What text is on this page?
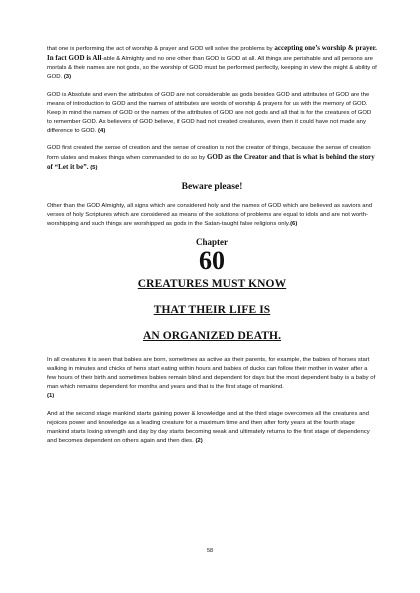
that one is performing the act of worship & prayer and GOD will solve the problems by accepting one’s worship & prayer. In fact GOD is All-able & Almighty and no one other than GOD is GOD at all. All things are perishable and all persons are mortals & their names are not gods, so the worship of GOD must be performed perfectly, keeping in view the might & ability of GOD. (3)

GOD is Absolute and even the attributes of GOD are not considerable as gods besides GOD and attributes of GOD are the means of introduction to GOD and the names of attributes are words of worship & prayers for us with the memory of GOD. Keep in mind the names of GOD or the names of the attributes of GOD are not gods and all that is for the creatures of GOD to remember GOD. As believers of GOD believe, if GOD had not created creatures, even then it could have not made any difference to GOD. (4)

GOD first created the sense of creation and the sense of creation is not the creator of things, because the sense of creation form ulates and makes things when commanded to do so by GOD as the Creator and that is what is behind the story of “Let it be”. (5)

Beware please!

Other than the GOD Almighty, all signs which are considered holy and the names of GOD which are believed as saviors and verses of holy Scriptures which are considered as means of the solutions of problems are equal to idols and are not worth-worshipping and such things are worshipped as gods in the Satan-taught false religions only.(6)

Chapter
60
CREATURES MUST KNOW
THAT THEIR LIFE IS
AN ORGANIZED DEATH.

In all creatures it is seen that babies are born, sometimes as active as their parents, for example, the babies of horses start walking in minutes and chicks of hens start eating within hours and babies of ducks can follow their mother in water after a few hours of their birth and sometimes babies remain blind and dependent for days but the most dependent baby is a baby of man which remains dependent for months and years and that is the first stage of mankind.
(1)

And at the second stage mankind starts gaining power & knowledge and at the third stage overcomes all the creatures and rejoices power and knowledge as a leading creature for a maximum time and then after forty years at the fourth stage mankind starts losing strength and day by day starts becoming weak and ultimately returns to the first stage of dependency and becomes dependent on others again and then dies. (2)

58
